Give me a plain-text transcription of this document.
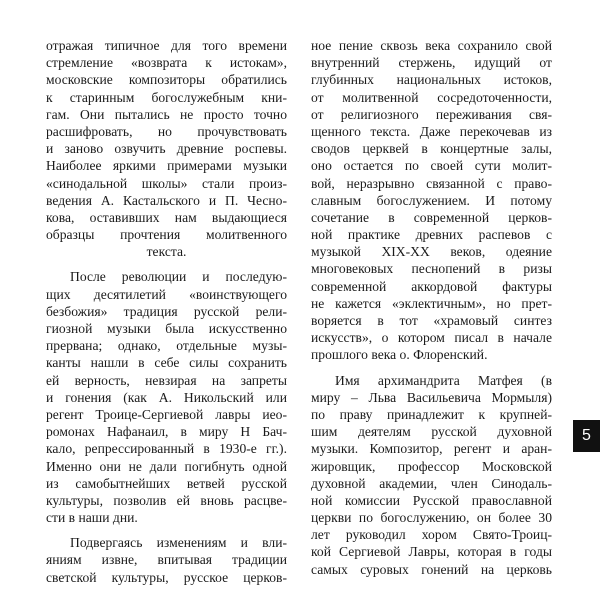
отражая типичное для того времени
стремление «возврата к истокам»,
московские композиторы обратились
к старинным богослужебным кни-
гам. Они пытались не просто точно
расшифровать, но прочувствовать
и заново озвучить древние роспевы.
Наиболее яркими примерами музыки
«синодальной школы» стали произ-
ведения А. Кастальского и П. Чесно-
кова, оставивших нам выдающиеся
образцы прочтения молитвенного
текста.
После революции и последую-
щих десятилетий «воинствующего
безбожия» традиция русской рели-
гиозной музыки была искусственно
прервана; однако, отдельные музы-
канты нашли в себе силы сохранить
ей верность, невзирая на запреты
и гонения (как А. Никольский или
регент Троице-Сергиевой лавры иео-
ромонах Нафанаил, в миру Н Бач-
кало, репрессированный в 1930-е гг.).
Именно они не дали погибнуть одной
из самобытнейших ветвей русской
культуры, позволив ей вновь расцве-
сти в наши дни.
Подвергаясь изменениям и вли-
яниям извне, впитывая традиции
светской культуры, русское церков-
ное пение сквозь века сохранило свой
внутренний стержень, идущий от
глубинных национальных истоков,
от молитвенной сосредоточенности,
от религиозного переживания свя-
щенного текста. Даже перекочевав из
сводов церквей в концертные залы,
оно остается по своей сути молит-
вой, неразрывно связанной с право-
славным богослужением. И потому
сочетание в современной церков-
ной практике древних распевов с
музыкой XIX-XX веков, одеяние
многовековых песнопений в ризы
современной аккордовой фактуры
не кажется «эклектичным», но прет-
воряется в тот «храмовый синтез
искусств», о котором писал в начале
прошлого века о. Флоренский.
Имя архимандрита Матфея (в
миру – Льва Васильевича Мормыля)
по праву принадлежит к крупней-
шим деятелям русской духовной
музыки. Композитор, регент и аран-
жировщик, профессор Московской
духовной академии, член Синодаль-
ной комиссии Русской православной
церкви по богослужению, он более 30
лет руководил хором Свято-Троиц-
кой Сергиевой Лавры, которая в годы
самых суровых гонений на церковь
5
